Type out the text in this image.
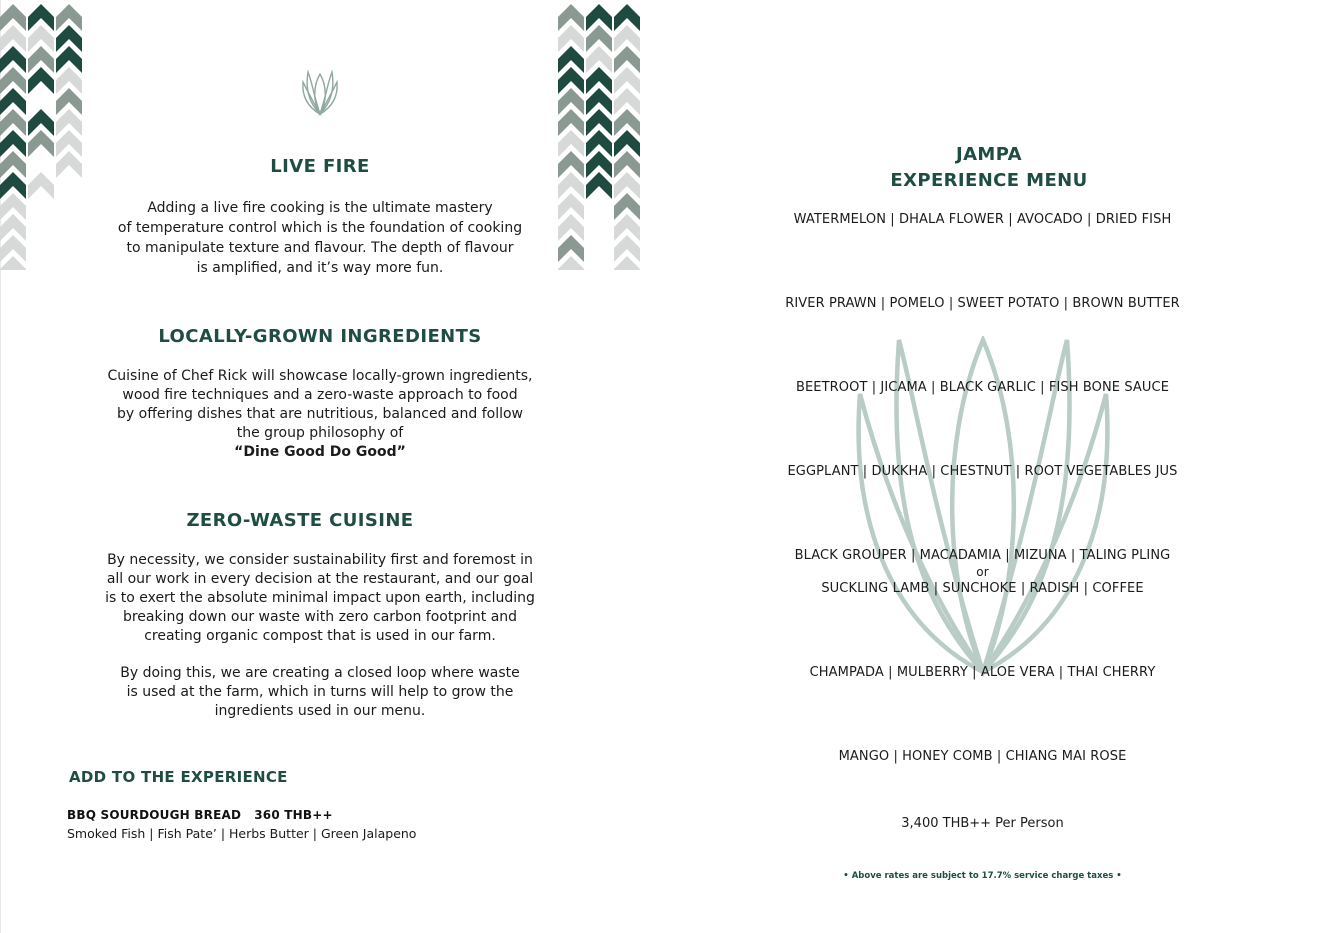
LIVE FIRE

Adding a live fire cooking is the ultimate mastery
of temperature control which is the foundation of cooking
to manipulate texture and flavour. The depth of flavour
is amplified, and it’s way more fun.

LOCALLY-GROWN INGREDIENTS

Cuisine of Chef Rick will showcase locally-grown ingredients,
wood fire techniques and a zero-waste approach to food
by offering dishes that are nutritious, balanced and follow
the group philosophy of
“Dine Good Do Good”

ZERO-WASTE CUISINE

By necessity, we consider sustainability first and foremost in
all our work in every decision at the restaurant, and our goal
is to exert the absolute minimal impact upon earth, including
breaking down our waste with zero carbon footprint and
creating organic compost that is used in our farm.

By doing this, we are creating a closed loop where waste
is used at the farm, which in turns will help to grow the
ingredients used in our menu.

ADD TO THE EXPERIENCE
BBQ SOURDOUGH BREAD 360 THB++
Smoked Fish | Fish Pate’ | Herbs Butter | Green Jalapeno
JAMPA
EXPERIENCE MENU
WATERMELON | DHALA FLOWER | AVOCADO | DRIED FISH
RIVER PRAWN | POMELO | SWEET POTATO | BROWN BUTTER
BEETROOT | JICAMA | BLACK GARLIC | FISH BONE SAUCE
EGGPLANT | DUKKHA | CHESTNUT | ROOT VEGETABLES JUS
BLACK GROUPER | MACADAMIA | MIZUNA | TALING PLING
or
SUCKLING LAMB | SUNCHOKE | RADISH | COFFEE
CHAMPADA | MULBERRY | ALOE VERA | THAI CHERRY
MANGO | HONEY COMB | CHIANG MAI ROSE
3,400 THB++ Per Person
• Above rates are subject to 17.7% service charge taxes •
